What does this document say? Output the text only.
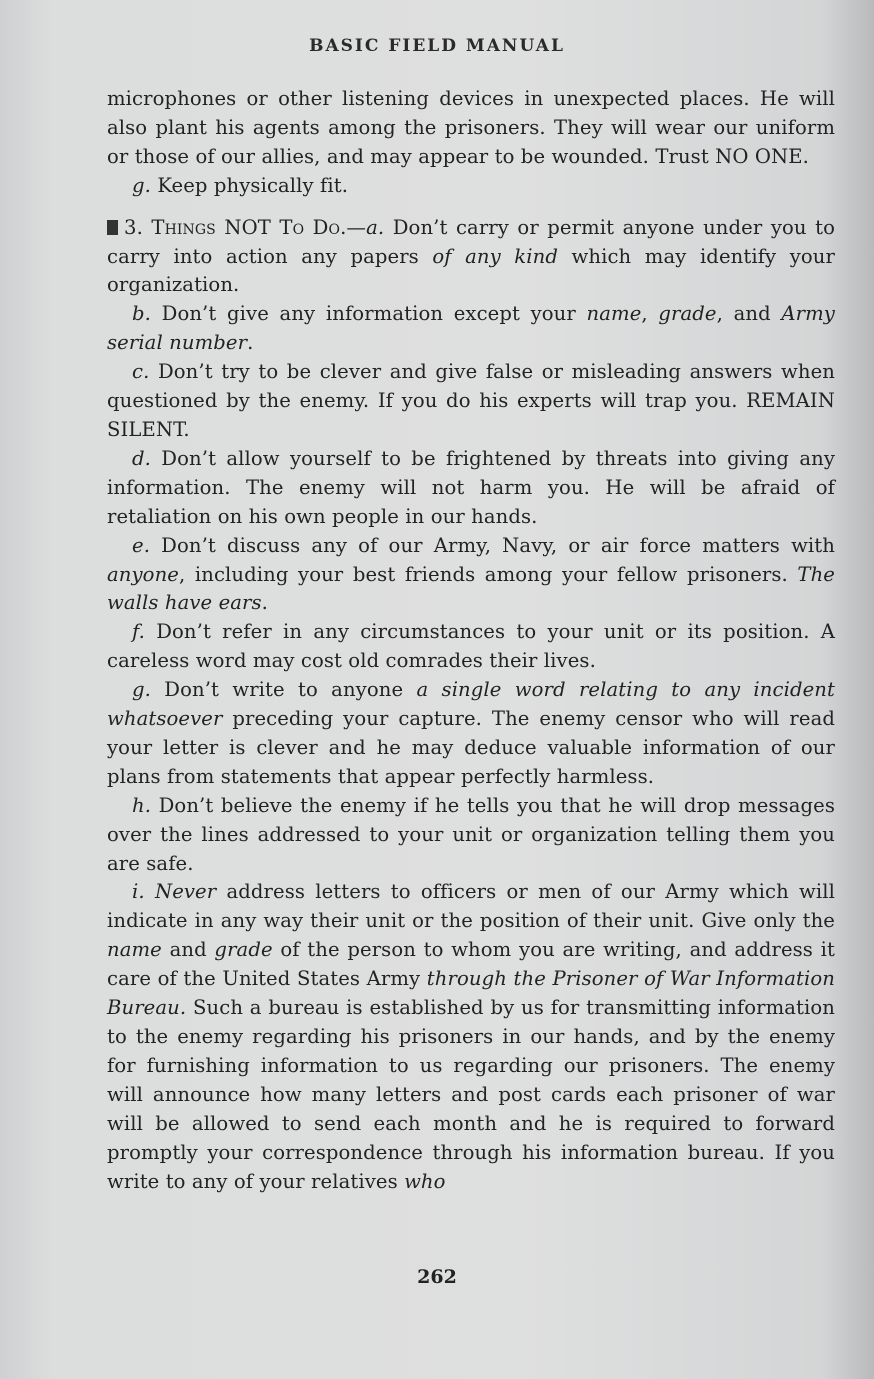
BASIC FIELD MANUAL

microphones or other listening devices in unexpected places. He will also plant his agents among the prisoners. They will wear our uniform or those of our allies, and may appear to be wounded. Trust NO ONE.

g. Keep physically fit.

3. Things NOT To Do.—a. Don’t carry or permit anyone under you to carry into action any papers of any kind which may identify your organization.

b. Don’t give any information except your name, grade, and Army serial number.

c. Don’t try to be clever and give false or misleading answers when questioned by the enemy. If you do his experts will trap you. REMAIN SILENT.

d. Don’t allow yourself to be frightened by threats into giving any information. The enemy will not harm you. He will be afraid of retaliation on his own people in our hands.

e. Don’t discuss any of our Army, Navy, or air force matters with anyone, including your best friends among your fellow prisoners. The walls have ears.

f. Don’t refer in any circumstances to your unit or its position. A careless word may cost old comrades their lives.

g. Don’t write to anyone a single word relating to any incident whatsoever preceding your capture. The enemy censor who will read your letter is clever and he may deduce valuable information of our plans from statements that appear perfectly harmless.

h. Don’t believe the enemy if he tells you that he will drop messages over the lines addressed to your unit or organization telling them you are safe.

i. Never address letters to officers or men of our Army which will indicate in any way their unit or the position of their unit. Give only the name and grade of the person to whom you are writing, and address it care of the United States Army through the Prisoner of War Information Bureau. Such a bureau is established by us for transmitting information to the enemy regarding his prisoners in our hands, and by the enemy for furnishing information to us regarding our prisoners. The enemy will announce how many letters and post cards each prisoner of war will be allowed to send each month and he is required to forward promptly your correspondence through his information bureau. If you write to any of your relatives who

262
